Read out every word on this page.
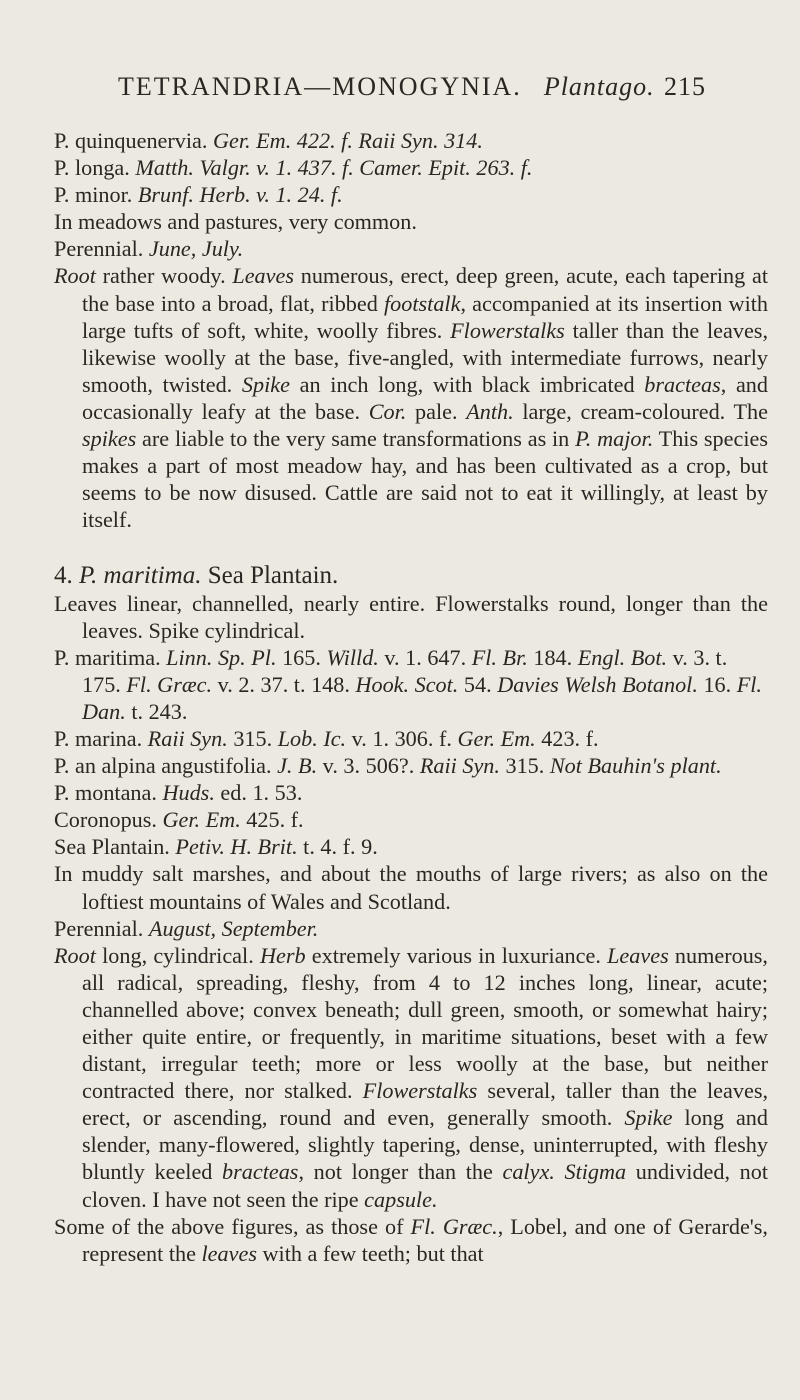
TETRANDRIA—MONOGYNIA. Plantago. 215

P. quinquenervia. Ger. Em. 422. f. Raii Syn. 314.

P. longa. Matth. Valgr. v. 1. 437. f. Camer. Epit. 263. f.

P. minor. Brunf. Herb. v. 1. 24. f.

In meadows and pastures, very common.

Perennial. June, July.

Root rather woody. Leaves numerous, erect, deep green, acute, each tapering at the base into a broad, flat, ribbed footstalk, accompanied at its insertion with large tufts of soft, white, woolly fibres. Flowerstalks taller than the leaves, likewise woolly at the base, five-angled, with intermediate furrows, nearly smooth, twisted. Spike an inch long, with black imbricated bracteas, and occasionally leafy at the base. Cor. pale. Anth. large, cream-coloured. The spikes are liable to the very same transformations as in P. major. This species makes a part of most meadow hay, and has been cultivated as a crop, but seems to be now disused. Cattle are said not to eat it willingly, at least by itself.

4. P. maritima. Sea Plantain.

Leaves linear, channelled, nearly entire. Flowerstalks round, longer than the leaves. Spike cylindrical.

P. maritima. Linn. Sp. Pl. 165. Willd. v. 1. 647. Fl. Br. 184. Engl. Bot. v. 3. t. 175. Fl. Græc. v. 2. 37. t. 148. Hook. Scot. 54. Davies Welsh Botanol. 16. Fl. Dan. t. 243.

P. marina. Raii Syn. 315. Lob. Ic. v. 1. 306. f. Ger. Em. 423. f.

P. an alpina angustifolia. J. B. v. 3. 506?. Raii Syn. 315. Not Bauhin's plant.

P. montana. Huds. ed. 1. 53.

Coronopus. Ger. Em. 425. f.

Sea Plantain. Petiv. H. Brit. t. 4. f. 9.

In muddy salt marshes, and about the mouths of large rivers; as also on the loftiest mountains of Wales and Scotland.

Perennial. August, September.

Root long, cylindrical. Herb extremely various in luxuriance. Leaves numerous, all radical, spreading, fleshy, from 4 to 12 inches long, linear, acute; channelled above; convex beneath; dull green, smooth, or somewhat hairy; either quite entire, or frequently, in maritime situations, beset with a few distant, irregular teeth; more or less woolly at the base, but neither contracted there, nor stalked. Flowerstalks several, taller than the leaves, erect, or ascending, round and even, generally smooth. Spike long and slender, many-flowered, slightly tapering, dense, uninterrupted, with fleshy bluntly keeled bracteas, not longer than the calyx. Stigma undivided, not cloven. I have not seen the ripe capsule.

Some of the above figures, as those of Fl. Græc., Lobel, and one of Gerarde's, represent the leaves with a few teeth; but that
